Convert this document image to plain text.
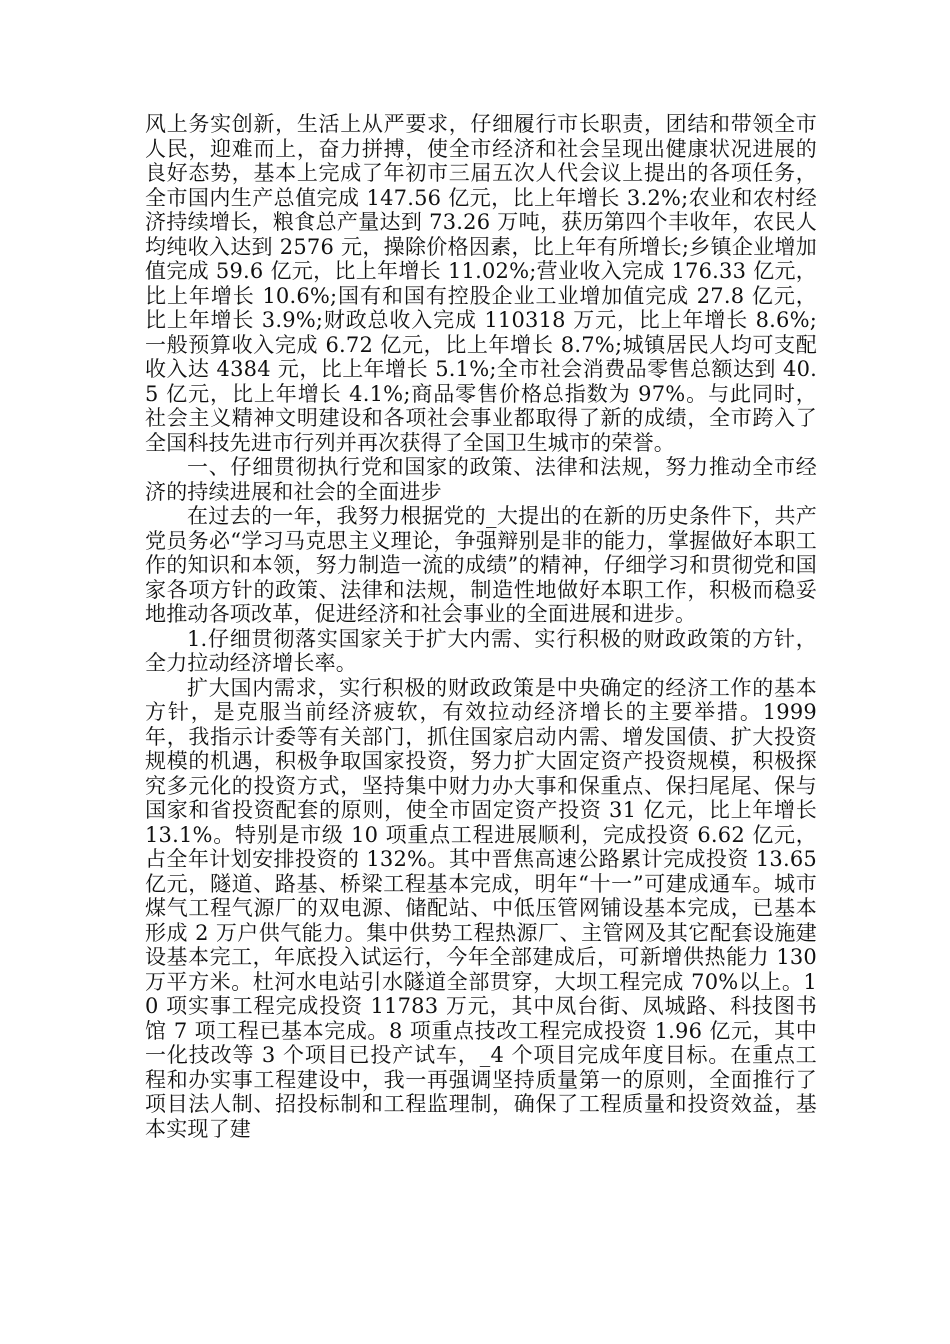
风上务实创新，生活上从严要求，仔细履行市长职责，团结和带领全市人民，迎难而上，奋力拼搏，使全市经济和社会呈现出健康状况进展的良好态势，基本上完成了年初市三届五次人代会议上提出的各项任务，全市国内生产总值完成 147.56 亿元，比上年增长 3.2%;农业和农村经济持续增长，粮食总产量达到 73.26 万吨，获历第四个丰收年，农民人均纯收入达到 2576 元，操除价格因素，比上年有所增长;乡镇企业增加值完成 59.6 亿元，比上年增长 11.02%;营业收入完成 176.33 亿元，比上年增长 10.6%;国有和国有控股企业工业增加值完成 27.8 亿元，比上年增长 3.9%;财政总收入完成 110318 万元，比上年增长 8.6%;一般预算收入完成 6.72 亿元，比上年增长 8.7%;城镇居民人均可支配收入达 4384 元，比上年增长 5.1%;全市社会消费品零售总额达到 40.5 亿元，比上年增长 4.1%;商品零售价格总指数为 97%。与此同时，社会主义精神文明建设和各项社会事业都取得了新的成绩，全市跨入了全国科技先进市行列并再次获得了全国卫生城市的荣誉。

一、仔细贯彻执行党和国家的政策、法律和法规，努力推动全市经济的持续进展和社会的全面进步

在过去的一年，我努力根据党的_大提出的在新的历史条件下，共产党员务必“学习马克思主义理论，争强辩别是非的能力，掌握做好本职工作的知识和本领，努力制造一流的成绩”的精神，仔细学习和贯彻党和国家各项方针的政策、法律和法规，制造性地做好本职工作，积极而稳妥地推动各项改革，促进经济和社会事业的全面进展和进步。

1.仔细贯彻落实国家关于扩大内需、实行积极的财政政策的方针，全力拉动经济增长率。

扩大国内需求，实行积极的财政政策是中央确定的经济工作的基本方针，是克服当前经济疲软，有效拉动经济增长的主要举措。1999 年，我指示计委等有关部门，抓住国家启动内需、增发国债、扩大投资规模的机遇，积极争取国家投资，努力扩大固定资产投资规模，积极探究多元化的投资方式，坚持集中财力办大事和保重点、保扫尾尾、保与国家和省投资配套的原则，使全市固定资产投资 31 亿元，比上年增长 13.1%。特别是市级 10 项重点工程进展顺利，完成投资 6.62 亿元，占全年计划安排投资的 132%。其中晋焦高速公路累计完成投资 13.65 亿元，隧道、路基、桥梁工程基本完成，明年“十一”可建成通车。城市煤气工程气源厂的双电源、储配站、中低压管网铺设基本完成，已基本形成 2 万户供气能力。集中供势工程热源厂、主管网及其它配套设施建设基本完工，年底投入试运行，今年全部建成后，可新增供热能力 130 万平方米。杜河水电站引水隧道全部贯穿，大坝工程完成 70%以上。10 项实事工程完成投资 11783 万元，其中凤台街、凤城路、科技图书馆 7 项工程已基本完成。8 项重点技改工程完成投资 1.96 亿元，其中一化技改等 3 个项目已投产试车，_4 个项目完成年度目标。在重点工程和办实事工程建设中，我一再强调坚持质量第一的原则，全面推行了项目法人制、招投标制和工程监理制，确保了工程质量和投资效益，基本实现了建
